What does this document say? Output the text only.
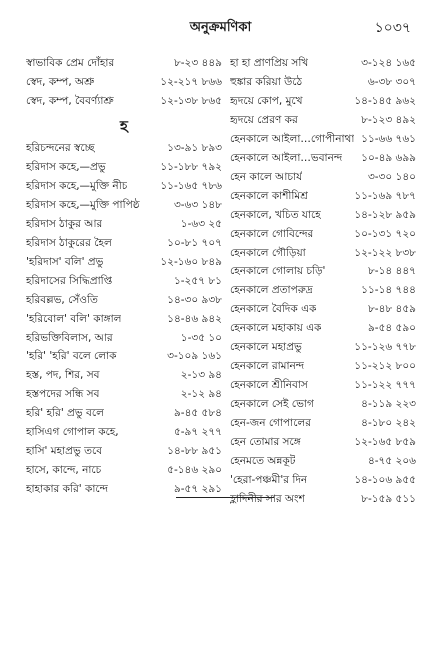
অনুক্রমণিকা	১০৩৭
হ
স্বাভাবিক প্রেম দোঁহার	৮-২৩ ৪৪৯
স্বেদ, কম্প, অশ্রু	১২-২১৭ ৮৬৬
স্বেদ, কম্প, বৈবর্ণ্যাশ্রু	১২-১৩৮ ৮৬৫
হরিচন্দনের স্বচ্ছে	১৩-৯১ ৮৯৩
হরিদাস কহে,—প্রভু	১১-১৮৮ ৭৯২
হরিদাস কহে,—মুক্তি নীচ	১১-১৬৫ ৭৮৬
হরিদাস কহে,—মুক্তি পাপিষ্ঠ	৩-৬৩ ১৪৮
হরিদাস ঠাকুর আর	১-৬৩ ২৫
হরিদাস ঠাকুরের হৈল	১০-৮১ ৭০৭
'হরিদাস' বলি' প্রভু	১২-১৬০ ৮৪৯
হরিদাসের সিদ্ধিপ্রাপ্তি	১-২৫৭ ৮১
হরিবল্লভ, সেঁওতি	১৪-৩০ ৯৩৮
'হরিবোল' বলি' কাঙ্গাল	১৪-৪৬ ৯৪২
হরিভক্তিবিলাস, আর	১-৩৫ ১০
'হরি' 'হরি' বলে লোক	৩-১০৯ ১৬১
হস্ত, পদ, শির, সব	২-১৩ ৯৪
হস্তপদের সন্ধি সব	২-১২ ৯৪
হরি' হরি' প্রভু বলে	৯-৪৫ ৫৮৪
হাসিএগ গোপাল কহে,	৫-৯৭ ২৭৭
হাসি' মহাপ্রভু তবে	১৪-৮৮ ৯৫১
হাসে, কান্দে, নাচে	৫-১৪৬ ২৯০
হাহাকার করি' কান্দে	৯-৫৭ ২৯১
হা হা প্রাণপ্রিয় সখি	৩-১২৪ ১৬৫
হুঙ্কার করিয়া উঠে	৬-৩৮ ৩০৭
হৃদয়ে কোপ, মুখে	১৪-১৪৫ ৯৬২
হৃদয়ে প্রেরণ কর	৮-১২৩ ৪৯২
হেনকালে আইলা…গোপীনাথা ১১-৬৬ ৭৬১
হেনকালে আইলা…ভবানন্দ ১০-৪৯ ৬৯৯
হেন কালে আচার্য	৩-৩০ ১৪০
হেনকালে কাশীমিশ্র	১১-১৬৯ ৭৮৭
হেনকালে, খচিত যাহে	১৪-১২৮ ৯৫৯
হেনকালে গোবিন্দের	১০-১৩১ ৭২০
হেনকালে গৌড়িয়া	১২-১২২ ৮৩৮
হেনকালে গোলায় চড়ি'	৮-১৪ ৪৪৭
হেনকালে প্রতাপরুদ্র	১১-১৪ ৭৪৪
হেনকালে বৈদিক এক	৮-৪৮ ৪৫৯
হেনকালে মহাকায় এক	৯-৫৪ ৫৯০
হেনকালে মহাপ্রভু	১১-১২৬ ৭৭৮
হেনকালে রামানন্দ	১১-২১২ ৮০০
হেনকালে শ্রীনিবাস	১১-১২২ ৭৭৭
হেনকালে সেই ভোগ	৪-১১৯ ২২৩
হেন-জন গোপালের	৪-১৮০ ২৪২
হেন তোমার সঙ্গে	১২-১৬৫ ৮৫৯
হেনমতে অন্নকূট	৪-৭৫ ২০৬
'হেরা-পঞ্চমী'র দিন	১৪-১০৬ ৯৫৫
হ্লাদিনীর সার অংশ	৮-১৫৯ ৫১১
